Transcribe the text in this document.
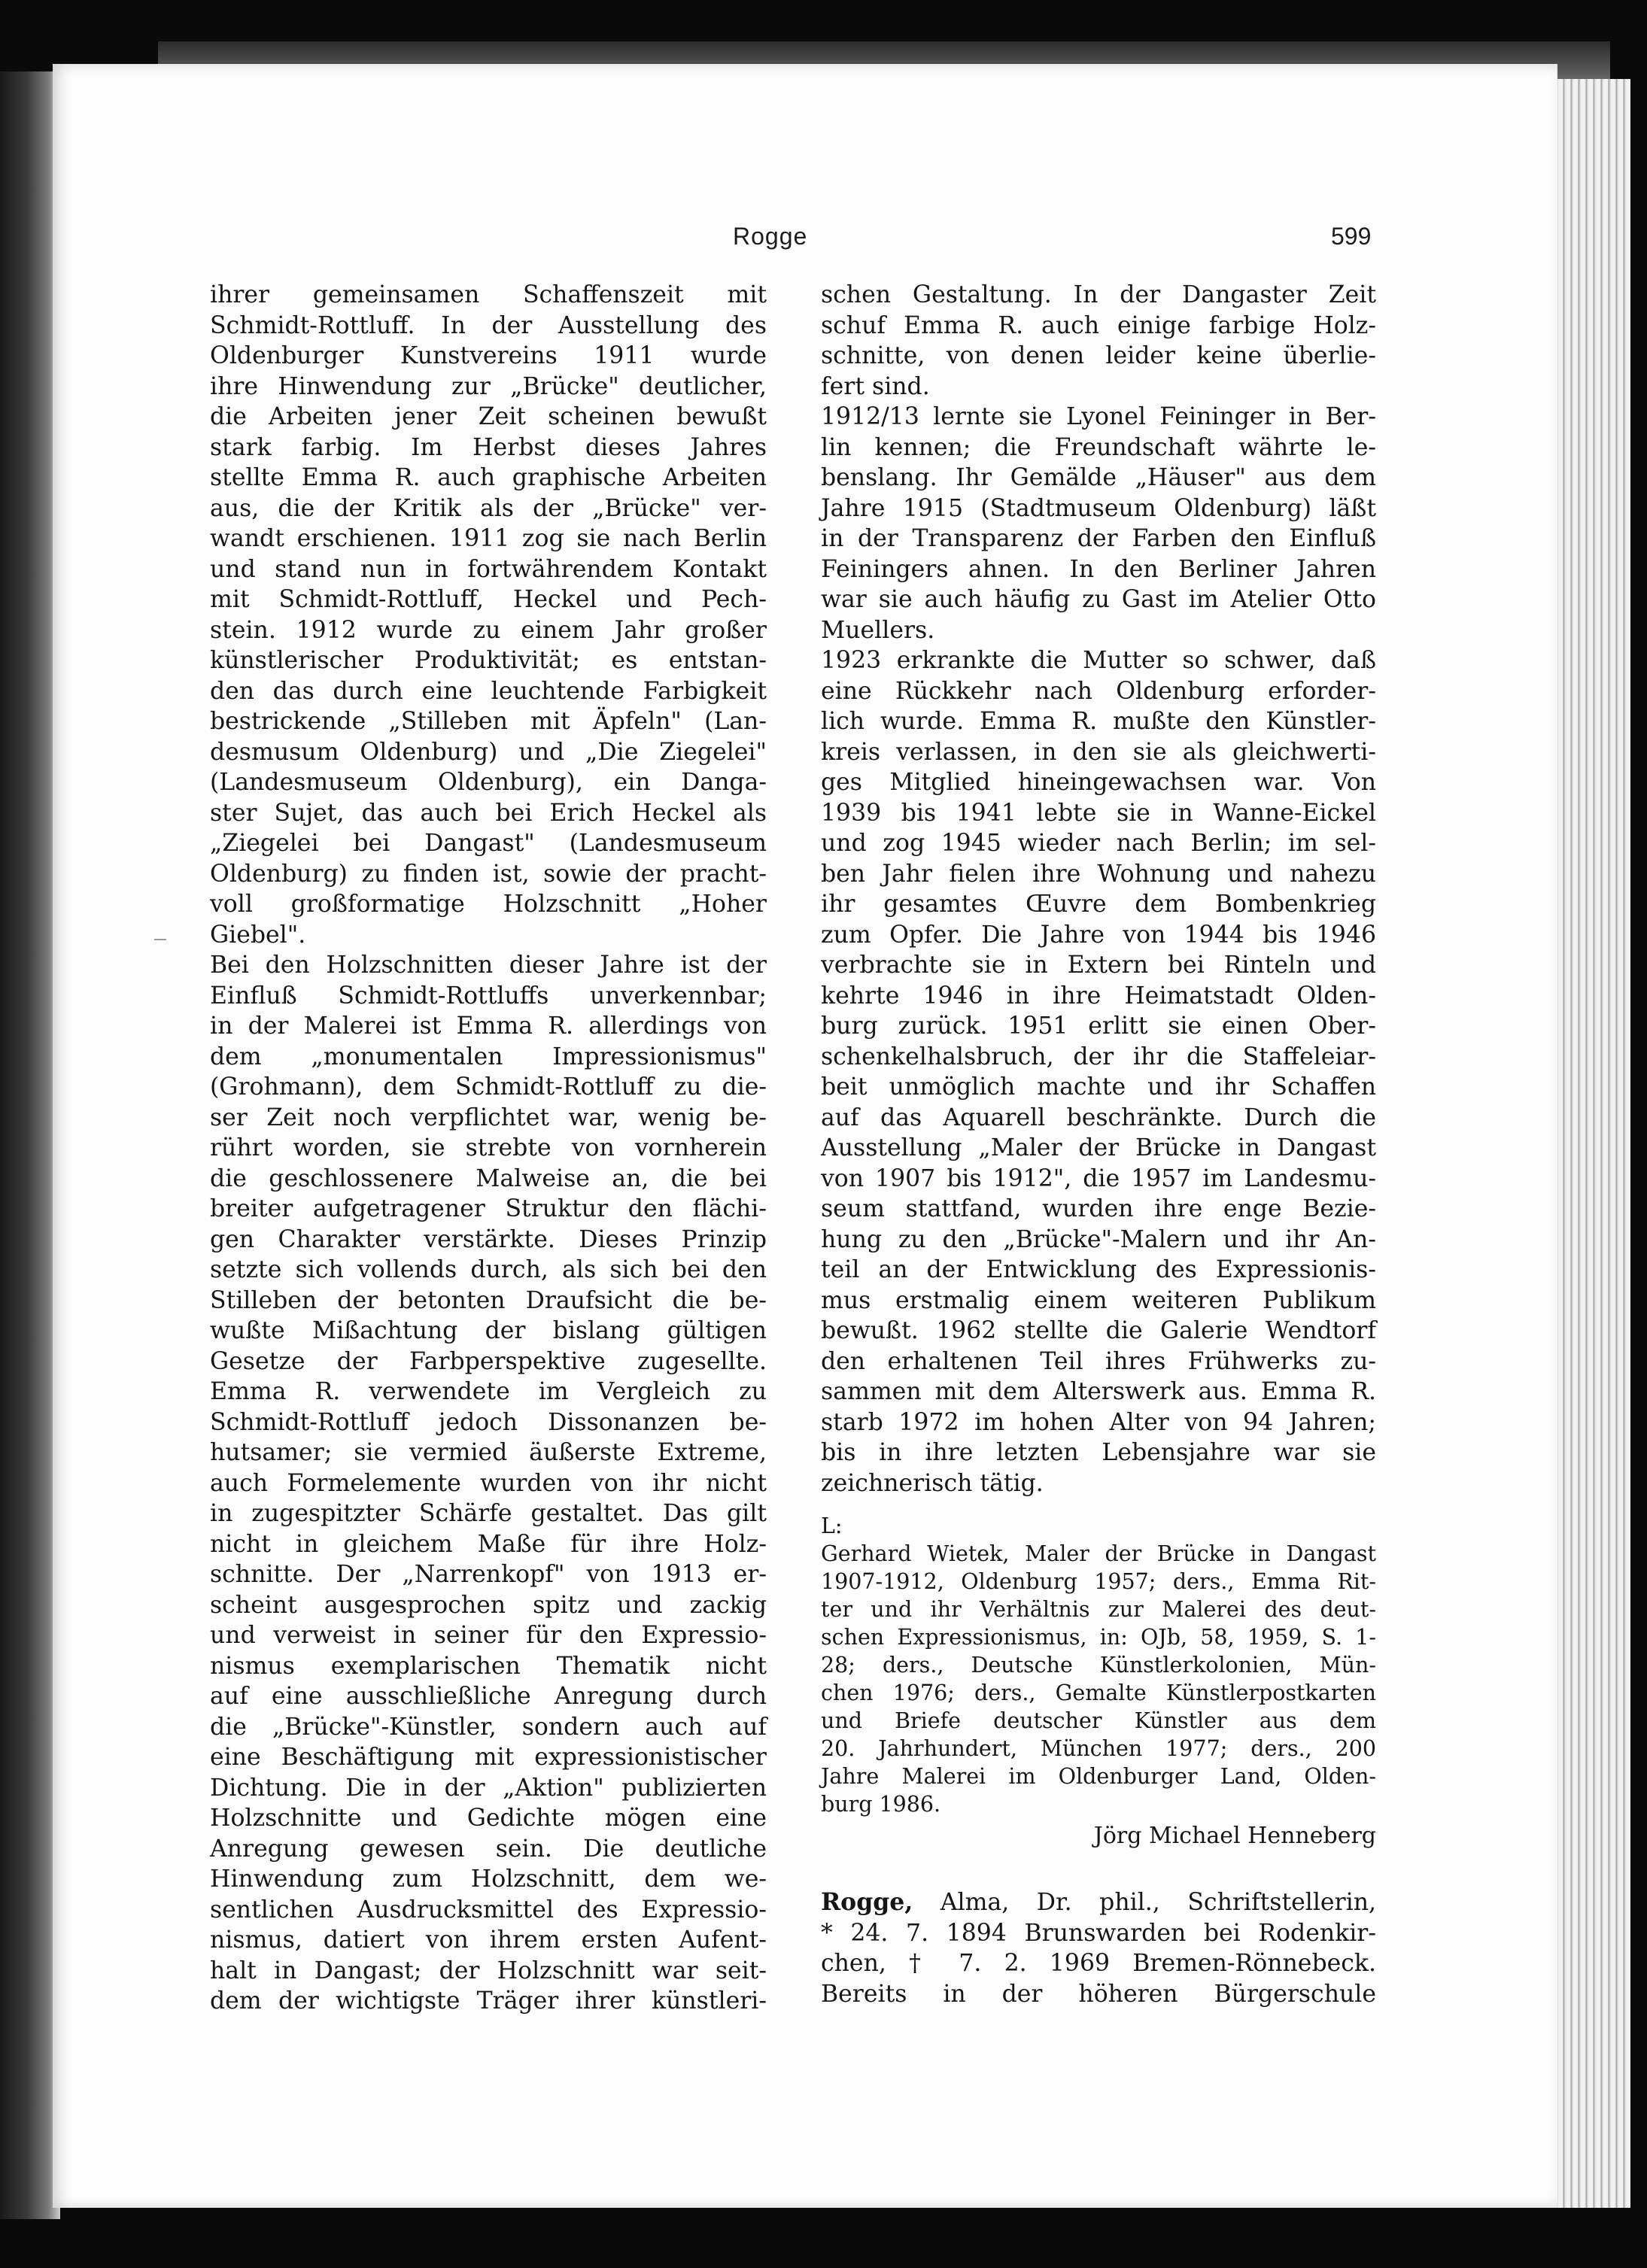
Rogge	599

ihrer gemeinsamen Schaffenszeit mit

Schmidt-Rottluff. In der Ausstellung des

Oldenburger Kunstvereins 1911 wurde

ihre Hinwendung zur „Brücke" deutlicher,

die Arbeiten jener Zeit scheinen bewußt

stark farbig. Im Herbst dieses Jahres

stellte Emma R. auch graphische Arbeiten

aus, die der Kritik als der „Brücke" ver-

wandt erschienen. 1911 zog sie nach Berlin

und stand nun in fortwährendem Kontakt

mit Schmidt-Rottluff, Heckel und Pech-

stein. 1912 wurde zu einem Jahr großer

künstlerischer Produktivität; es entstan-

den das durch eine leuchtende Farbigkeit

bestrickende „Stilleben mit Äpfeln" (Lan-

desmusum Oldenburg) und „Die Ziegelei"

(Landesmuseum Oldenburg), ein Danga-

ster Sujet, das auch bei Erich Heckel als

„Ziegelei bei Dangast" (Landesmuseum

Oldenburg) zu finden ist, sowie der pracht-

voll großformatige Holzschnitt „Hoher

Giebel".

Bei den Holzschnitten dieser Jahre ist der

Einfluß Schmidt-Rottluffs unverkennbar;

in der Malerei ist Emma R. allerdings von

dem „monumentalen Impressionismus"

(Grohmann), dem Schmidt-Rottluff zu die-

ser Zeit noch verpflichtet war, wenig be-

rührt worden, sie strebte von vornherein

die geschlossenere Malweise an, die bei

breiter aufgetragener Struktur den flächi-

gen Charakter verstärkte. Dieses Prinzip

setzte sich vollends durch, als sich bei den

Stilleben der betonten Draufsicht die be-

wußte Mißachtung der bislang gültigen

Gesetze der Farbperspektive zugesellte.

Emma R. verwendete im Vergleich zu

Schmidt-Rottluff jedoch Dissonanzen be-

hutsamer; sie vermied äußerste Extreme,

auch Formelemente wurden von ihr nicht

in zugespitzter Schärfe gestaltet. Das gilt

nicht in gleichem Maße für ihre Holz-

schnitte. Der „Narrenkopf" von 1913 er-

scheint ausgesprochen spitz und zackig

und verweist in seiner für den Expressio-

nismus exemplarischen Thematik nicht

auf eine ausschließliche Anregung durch

die „Brücke"-Künstler, sondern auch auf

eine Beschäftigung mit expressionistischer

Dichtung. Die in der „Aktion" publizierten

Holzschnitte und Gedichte mögen eine

Anregung gewesen sein. Die deutliche

Hinwendung zum Holzschnitt, dem we-

sentlichen Ausdrucksmittel des Expressio-

nismus, datiert von ihrem ersten Aufent-

halt in Dangast; der Holzschnitt war seit-

dem der wichtigste Träger ihrer künstleri-

schen Gestaltung. In der Dangaster Zeit

schuf Emma R. auch einige farbige Holz-

schnitte, von denen leider keine überlie-

fert sind.

1912/13 lernte sie Lyonel Feininger in Ber-

lin kennen; die Freundschaft währte le-

benslang. Ihr Gemälde „Häuser" aus dem

Jahre 1915 (Stadtmuseum Oldenburg) läßt

in der Transparenz der Farben den Einfluß

Feiningers ahnen. In den Berliner Jahren

war sie auch häufig zu Gast im Atelier Otto

Muellers.

1923 erkrankte die Mutter so schwer, daß

eine Rückkehr nach Oldenburg erforder-

lich wurde. Emma R. mußte den Künstler-

kreis verlassen, in den sie als gleichwerti-

ges Mitglied hineingewachsen war. Von

1939 bis 1941 lebte sie in Wanne-Eickel

und zog 1945 wieder nach Berlin; im sel-

ben Jahr fielen ihre Wohnung und nahezu

ihr gesamtes Œuvre dem Bombenkrieg

zum Opfer. Die Jahre von 1944 bis 1946

verbrachte sie in Extern bei Rinteln und

kehrte 1946 in ihre Heimatstadt Olden-

burg zurück. 1951 erlitt sie einen Ober-

schenkelhalsbruch, der ihr die Staffeleiar-

beit unmöglich machte und ihr Schaffen

auf das Aquarell beschränkte. Durch die

Ausstellung „Maler der Brücke in Dangast

von 1907 bis 1912", die 1957 im Landesmu-

seum stattfand, wurden ihre enge Bezie-

hung zu den „Brücke"-Malern und ihr An-

teil an der Entwicklung des Expressionis-

mus erstmalig einem weiteren Publikum

bewußt. 1962 stellte die Galerie Wendtorf

den erhaltenen Teil ihres Frühwerks zu-

sammen mit dem Alterswerk aus. Emma R.

starb 1972 im hohen Alter von 94 Jahren;

bis in ihre letzten Lebensjahre war sie

zeichnerisch tätig.

L:

Gerhard Wietek, Maler der Brücke in Dangast

1907-1912, Oldenburg 1957; ders., Emma Rit-

ter und ihr Verhältnis zur Malerei des deut-

schen Expressionismus, in: OJb, 58, 1959, S. 1-

28; ders., Deutsche Künstlerkolonien, Mün-

chen 1976; ders., Gemalte Künstlerpostkarten

und Briefe deutscher Künstler aus dem

20. Jahrhundert, München 1977; ders., 200

Jahre Malerei im Oldenburger Land, Olden-

burg 1986.

Jörg Michael Henneberg

Rogge, Alma, Dr. phil., Schriftstellerin,

* 24. 7. 1894 Brunswarden bei Rodenkir-

chen, † 7. 2. 1969 Bremen-Rönnebeck.

Bereits in der höheren Bürgerschule
